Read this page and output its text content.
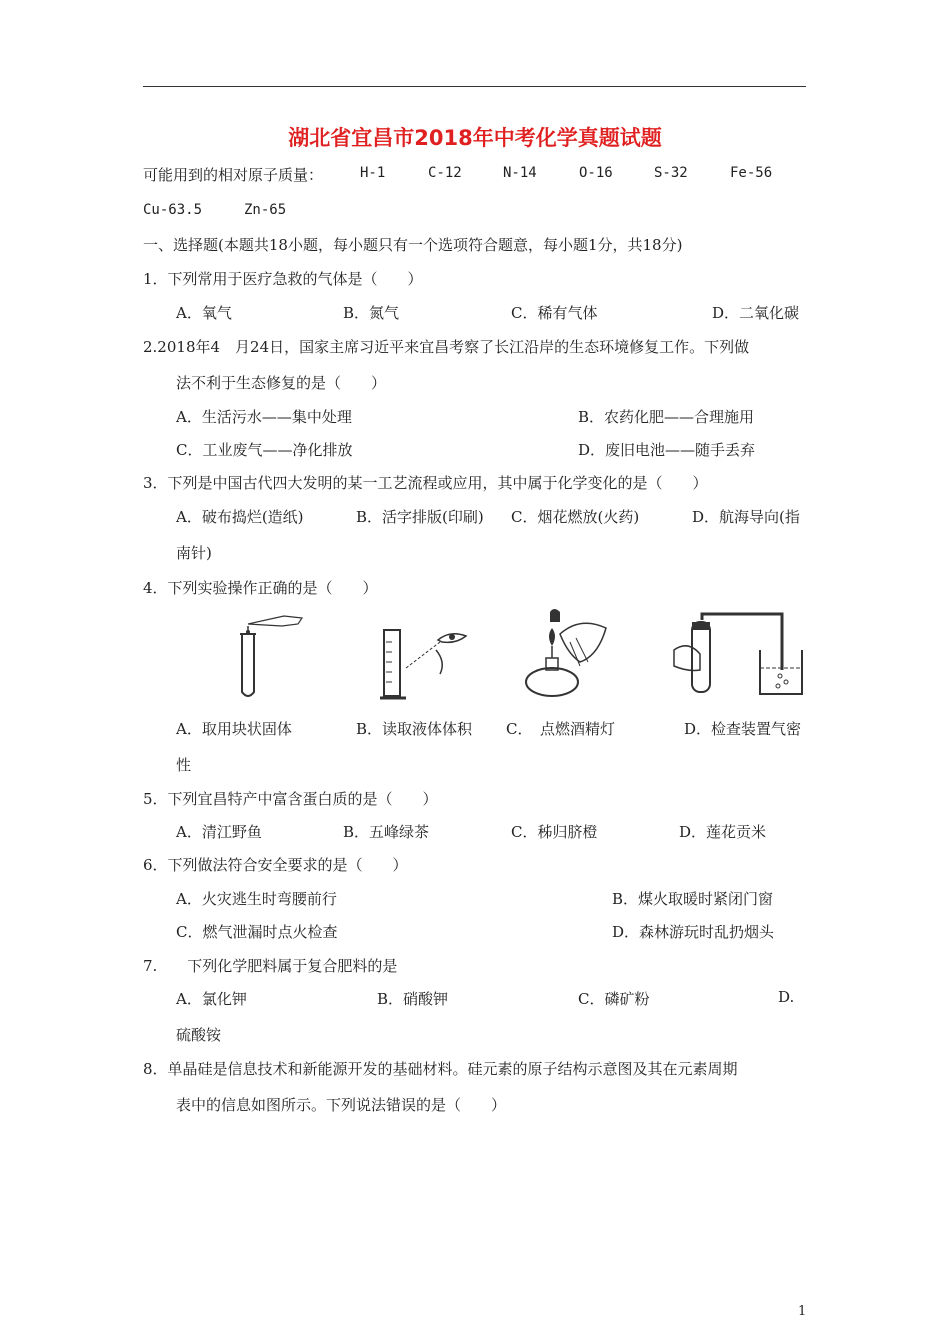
湖北省宜昌市2018年中考化学真题试题
可能用到的相对原子质量：	H-1	C-12	N-14	O-16	S-32	Fe-56
Cu-63.5	Zn-65
一、选择题(本题共18小题，每小题只有一个选项符合题意，每小题1分，共18分)
1．下列常用于医疗急救的气体是（　　）
A．氧气	B．氮气	C．稀有气体	D．二氧化碳
2.2018年4　月24日，国家主席习近平来宜昌考察了长江沿岸的生态环境修复工作。下列做
法不利于生态修复的是（　　）
A．生活污水——集中处理	B．农药化肥——合理施用
C．工业废气——净化排放	D．废旧电池——随手丢弃
3．下列是中国古代四大发明的某一工艺流程或应用，其中属于化学变化的是（　　）
A．破布捣烂(造纸)	B．活字排版(印刷) C．烟花燃放(火药)	D．航海导向(指
南针)
4．下列实验操作正确的是（　　）
A．取用块状固体	B．读取液体体积 C．　点燃酒精灯	D．检查装置气密
性
5．下列宜昌特产中富含蛋白质的是（　　）
A．清江野鱼	B．五峰绿茶	C．秭归脐橙	D．莲花贡米
6．下列做法符合安全要求的是（　　）
A．火灾逃生时弯腰前行	B．煤火取暖时紧闭门窗
C．燃气泄漏时点火检查	D．森林游玩时乱扔烟头
7.　　下列化学肥料属于复合肥料的是
A．氯化钾	B．硝酸钾	C．磷矿粉	D.
硫酸铵
8．单晶硅是信息技术和新能源开发的基础材料。硅元素的原子结构示意图及其在元素周期
表中的信息如图所示。下列说法错误的是（　　）
1
